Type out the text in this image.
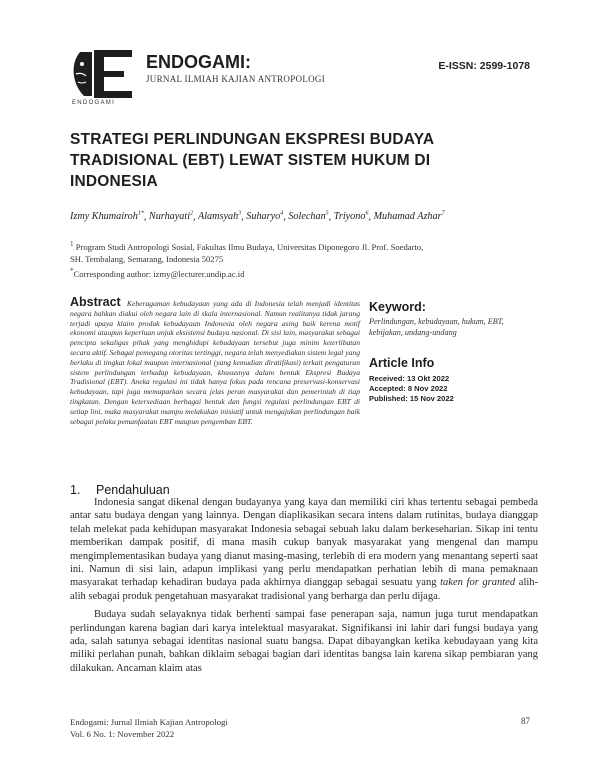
ENDOGAMI
ENDOGAMI:
JURNAL ILMIAH KAJIAN ANTROPOLOGI
E-ISSN: 2599-1078
STRATEGI PERLINDUNGAN EKSPRESI BUDAYA TRADISIONAL (EBT) LEWAT SISTEM HUKUM DI INDONESIA
Izmy Khumairoh$^{1*}$, Nurhayati$^2$, Alamsyah$^3$, Suharyo$^4$, Solechan$^5$, Triyono$^6$, Muhamad Azhar$^7$
$^1$ Program Studi Antropologi Sosial, Fakultas Ilmu Budaya, Universitas Diponegoro Jl. Prof. Soedarto, SH. Tembalang, Semarang, Indonesia 50275
*Corresponding author: izmy@lecturer.undip.ac.id
Abstract Keberagaman kebudayaan yang ada di Indonesia telah menjadi identitas negara bahkan diakui oleh negara lain di skala internasional. Namun realitanya tidak jarang terjadi upaya klaim produk kebudayaan Indonesia oleh negara asing baik kerena motif ekonomi ataupun keperluan unjuk eksistensi budaya nasional. Di sisi lain, masyarakat sebagai pencipta sekaligus pihak yang menghidupi kebudayaan tersebut juga minim keterlibatan secara aktif. Sebagai pemegang otoritas tertinggi, negara telah menyediakan sistem legal yang berlaku di tingkat lokal maupun internasional (yang kemudian diratifikasi) terkait pengaturan sistem perlindungan terhadap kebudayaan, khususnya dalam bentuk Ekspresi Budaya Tradisional (EBT). Aneka regulasi ini tidak hanya fokus pada rencana preservasi-konservasi kebudayaan, tapi juga memaparkan secara jelas peran masyarakat dan pemerintah di tiap tingkatan. Dengan ketersediaan berbagai bentuk dan fungsi regulasi perlindungan EBT di setiap lini, maka masyarakat mampu melakukan inisiatif untuk mengajukan perlindungan baik sebagai pelaku pemanfaatan EBT maupun pengemban EBT.
Keyword:
Perlindungan, kebudayaan, hukum, EBT, kebijakan, undang-undang
Article Info
Received: 13 Okt 2022
Accepted: 8 Nov 2022
Published: 15 Nov 2022
1. Pendahuluan

Indonesia sangat dikenal dengan budayanya yang kaya dan memiliki ciri khas tertentu sebagai pembeda antar satu budaya dengan yang lainnya. Dengan diaplikasikan secara intens dalam rutinitas, budaya dianggap telah melekat pada kehidupan masyarakat Indonesia sebagai sebuah laku dalam berkeseharian. Sikap ini tentu memberikan dampak positif, di mana masih cukup banyak masyarakat yang mengenal dan mampu mengimplementasikan budaya yang dianut masing-masing, terlebih di era modern yang menantang seperti saat ini. Namun di sisi lain, adapun implikasi yang perlu mendapatkan perhatian lebih di mana pemaknaan masyarakat terhadap kehadiran budaya pada akhirnya dianggap sebagai sesuatu yang taken for granted alih-alih sebagai produk pengetahuan masyarakat tradisional yang berharga dan perlu dijaga.

Budaya sudah selayaknya tidak berhenti sampai fase penerapan saja, namun juga turut mendapatkan perlindungan karena bagian dari karya intelektual masyarakat. Signifikansi ini lahir dari fungsi budaya yang ada, salah satunya sebagai identitas nasional suatu bangsa. Dapat dibayangkan ketika kebudayaan yang kita miliki perlahan punah, bahkan diklaim sebagai bagian dari identitas bangsa lain karena sikap pembiaran yang dilakukan. Ancaman klaim atas

Endogami: Jurnal Ilmiah Kajian Antropologi
Vol. 6 No. 1: November 2022
87
